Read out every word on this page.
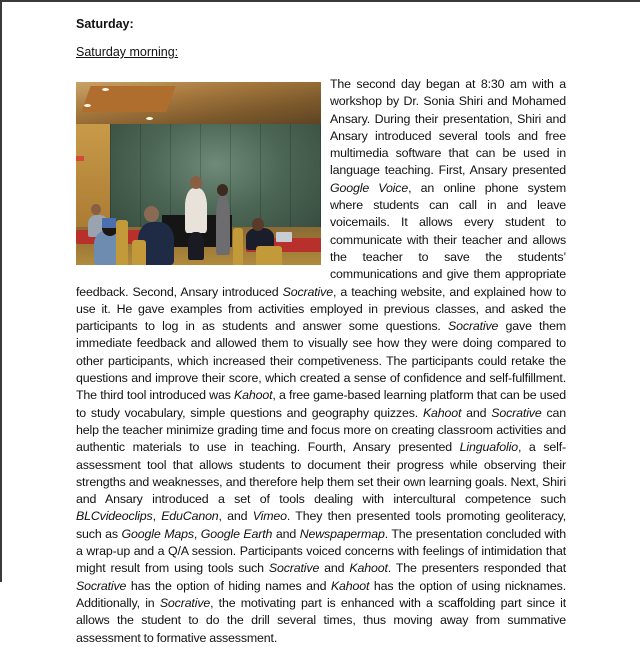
Saturday:
Saturday morning:
The second day began at 8:30 am with a workshop by Dr. Sonia Shiri and Mohamed Ansary. During their presentation, Shiri and Ansary introduced several tools and free multimedia software that can be used in language teaching. First, Ansary presented Google Voice, an online phone system where students can call in and leave voicemails. It allows every student to communicate with their teacher and allows the teacher to save the students’ communications and give them appropriate feedback. Second, Ansary introduced Socrative, a teaching website, and explained how to use it. He gave examples from activities employed in previous classes, and asked the participants to log in as students and answer some questions. Socrative gave them immediate feedback and allowed them to visually see how they were doing compared to other participants, which increased their competiveness. The participants could retake the questions and improve their score, which created a sense of confidence and self-fulfillment. The third tool introduced was Kahoot, a free game-based learning platform that can be used to study vocabulary, simple questions and geography quizzes. Kahoot and Socrative can help the teacher minimize grading time and focus more on creating classroom activities and authentic materials to use in teaching. Fourth, Ansary presented Linguafolio, a self-assessment tool that allows students to document their progress while observing their strengths and weaknesses, and therefore help them set their own learning goals. Next, Shiri and Ansary introduced a set of tools dealing with intercultural competence such BLCvideoclips, EduCanon, and Vimeo. They then presented tools promoting geoliteracy, such as Google Maps, Google Earth and Newspapermap. The presentation concluded with a wrap-up and a Q/A session. Participants voiced concerns with feelings of intimidation that might result from using tools such Socrative and Kahoot. The presenters responded that Socrative has the option of hiding names and Kahoot has the option of using nicknames. Additionally, in Socrative, the motivating part is enhanced with a scaffolding part since it allows the student to do the drill several times, thus moving away from summative assessment to formative assessment.
